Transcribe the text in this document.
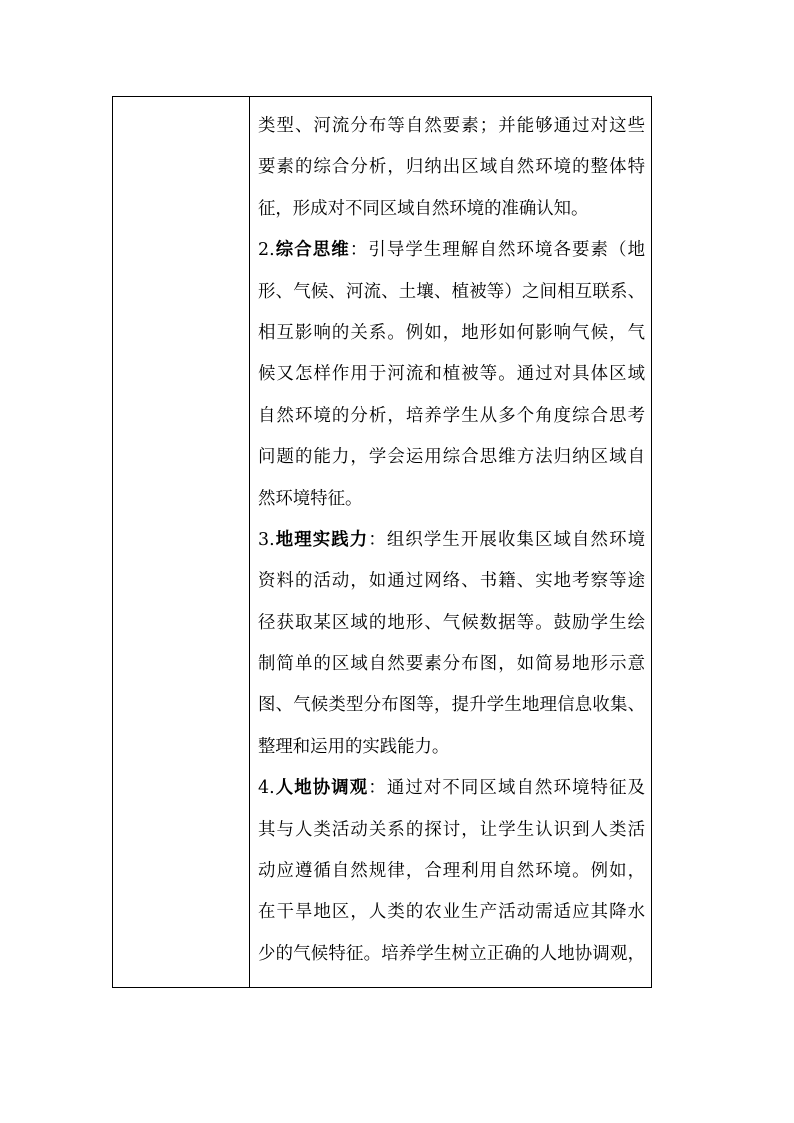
类型、河流分布等自然要素；并能够通过对这些
要素的综合分析，归纳出区域自然环境的整体特
征，形成对不同区域自然环境的准确认知。
2.综合思维：引导学生理解自然环境各要素（地
形、气候、河流、土壤、植被等）之间相互联系、
相互影响的关系。例如，地形如何影响气候，气
候又怎样作用于河流和植被等。通过对具体区域
自然环境的分析，培养学生从多个角度综合思考
问题的能力，学会运用综合思维方法归纳区域自
然环境特征。
3.地理实践力：组织学生开展收集区域自然环境
资料的活动，如通过网络、书籍、实地考察等途
径获取某区域的地形、气候数据等。鼓励学生绘
制简单的区域自然要素分布图，如简易地形示意
图、气候类型分布图等，提升学生地理信息收集、
整理和运用的实践能力。
4.人地协调观：通过对不同区域自然环境特征及
其与人类活动关系的探讨，让学生认识到人类活
动应遵循自然规律，合理利用自然环境。例如，
在干旱地区，人类的农业生产活动需适应其降水
少的气候特征。培养学生树立正确的人地协调观，
